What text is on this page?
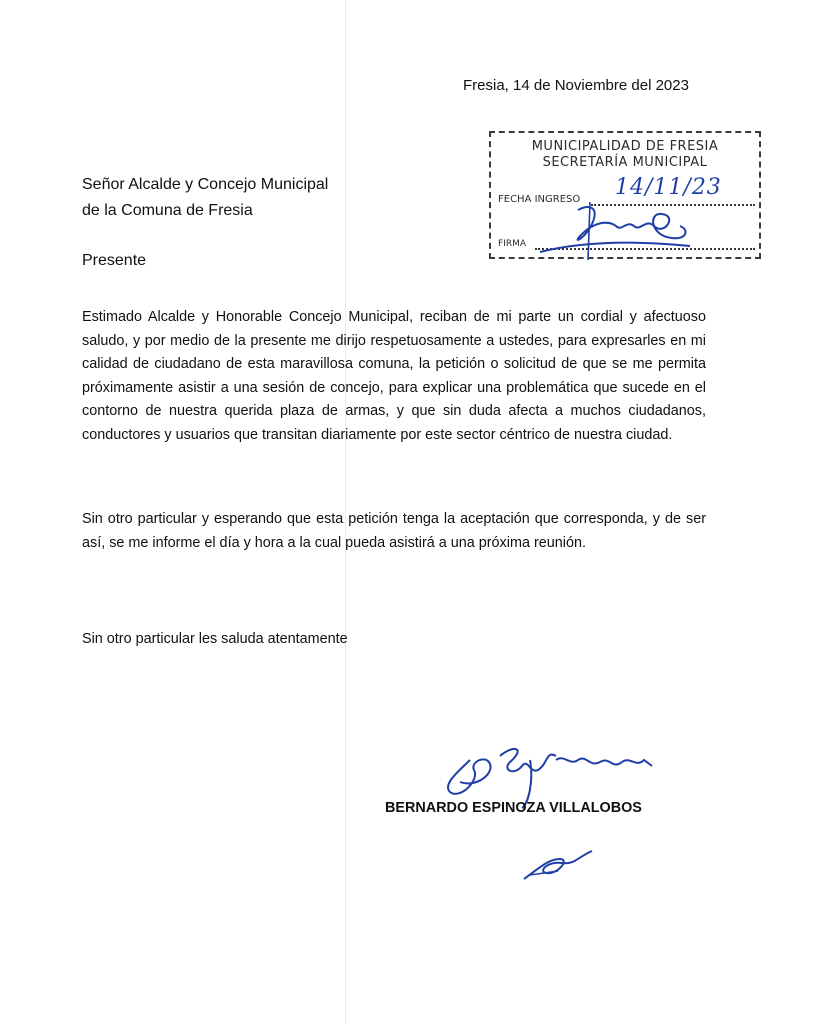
Fresia, 14 de Noviembre del 2023
MUNICIPALIDAD DE FRESIA
SECRETARÍA MUNICIPAL
FECHA INGRESO 14/11/23
FIRMA
Señor Alcalde y Concejo Municipal
de la Comuna de Fresia
Presente

Estimado Alcalde y Honorable Concejo Municipal, reciban de mi parte un cordial y afectuoso saludo, y por medio de la presente me dirijo respetuosamente a ustedes, para expresarles en mi calidad de ciudadano de esta maravillosa comuna, la petición o solicitud de que se me permita próximamente asistir a una sesión de concejo, para explicar una problemática que sucede en el contorno de nuestra querida plaza de armas, y que sin duda afecta a muchos ciudadanos, conductores y usuarios que transitan diariamente por este sector céntrico de nuestra ciudad.

Sin otro particular y esperando que esta petición tenga la aceptación que corresponda, y de ser así, se me informe el día y hora a la cual pueda asistirá a una próxima reunión.

Sin otro particular les saluda atentamente
BERNARDO ESPINOZA VILLALOBOS
